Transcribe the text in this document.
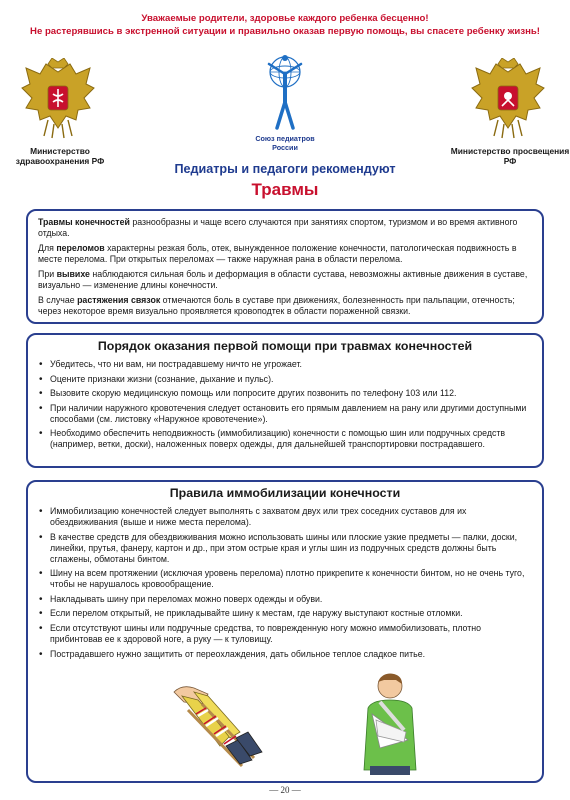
Уважаемые родители, здоровье каждого ребенка бесценно!
Не растерявшись в экстренной ситуации и правильно оказав первую помощь, вы спасете ребенку жизнь!
Министерство здравоохранения РФ
Союз педиатров России	Министерство просвещения РФ
Педиатры и педагоги рекомендуют
Травмы

Травмы конечностей разнообразны и чаще всего случаются при занятиях спортом, туризмом и во время активного отдыха.

Для переломов характерны резкая боль, отек, вынужденное положение конечности, патологическая подвижность в месте перелома. При открытых переломах — также наружная рана в области перелома.

При вывихе наблюдаются сильная боль и деформация в области сустава, невозможны активные движения в суставе, визуально — изменение длины конечности.

В случае растяжения связок отмечаются боль в суставе при движениях, болезненность при пальпации, отечность; через некоторое время визуально проявляется кровоподтек в области пораженной связки.

Порядок оказания первой помощи при травмах конечностей
• Убедитесь, что ни вам, ни пострадавшему ничто не угрожает.
• Оцените признаки жизни (сознание, дыхание и пульс).
• Вызовите скорую медицинскую помощь или попросите других позвонить по телефону 103 или 112.
• При наличии наружного кровотечения следует остановить его прямым давлением на рану или другими доступными способами (см. листовку «Наружное кровотечение»).
• Необходимо обеспечить неподвижность (иммобилизацию) конечности с помощью шин или подручных средств (например, ветки, доски), наложенных поверх одежды, для дальнейшей транспортировки пострадавшего.
Правила иммобилизации конечности
• Иммобилизацию конечностей следует выполнять с захватом двух или трех соседних суставов для их обездвиживания (выше и ниже места перелома).
• В качестве средств для обездвиживания можно использовать шины или плоские узкие предметы — палки, доски, линейки, прутья, фанеру, картон и др., при этом острые края и углы шин из подручных средств должны быть сглажены, обмотаны бинтом.
• Шину на всем протяжении (исключая уровень перелома) плотно прикрепите к конечности бинтом, но не очень туго, чтобы не нарушалось кровообращение.
• Накладывать шину при переломах можно поверх одежды и обуви.
• Если перелом открытый, не прикладывайте шину к местам, где наружу выступают костные отломки.
• Если отсутствуют шины или подручные средства, то поврежденную ногу можно иммобилизовать, плотно прибинтовав ее к здоровой ноге, а руку — к туловищу.
• Пострадавшего нужно защитить от переохлаждения, дать обильное теплое сладкое питье.
— 20 —
